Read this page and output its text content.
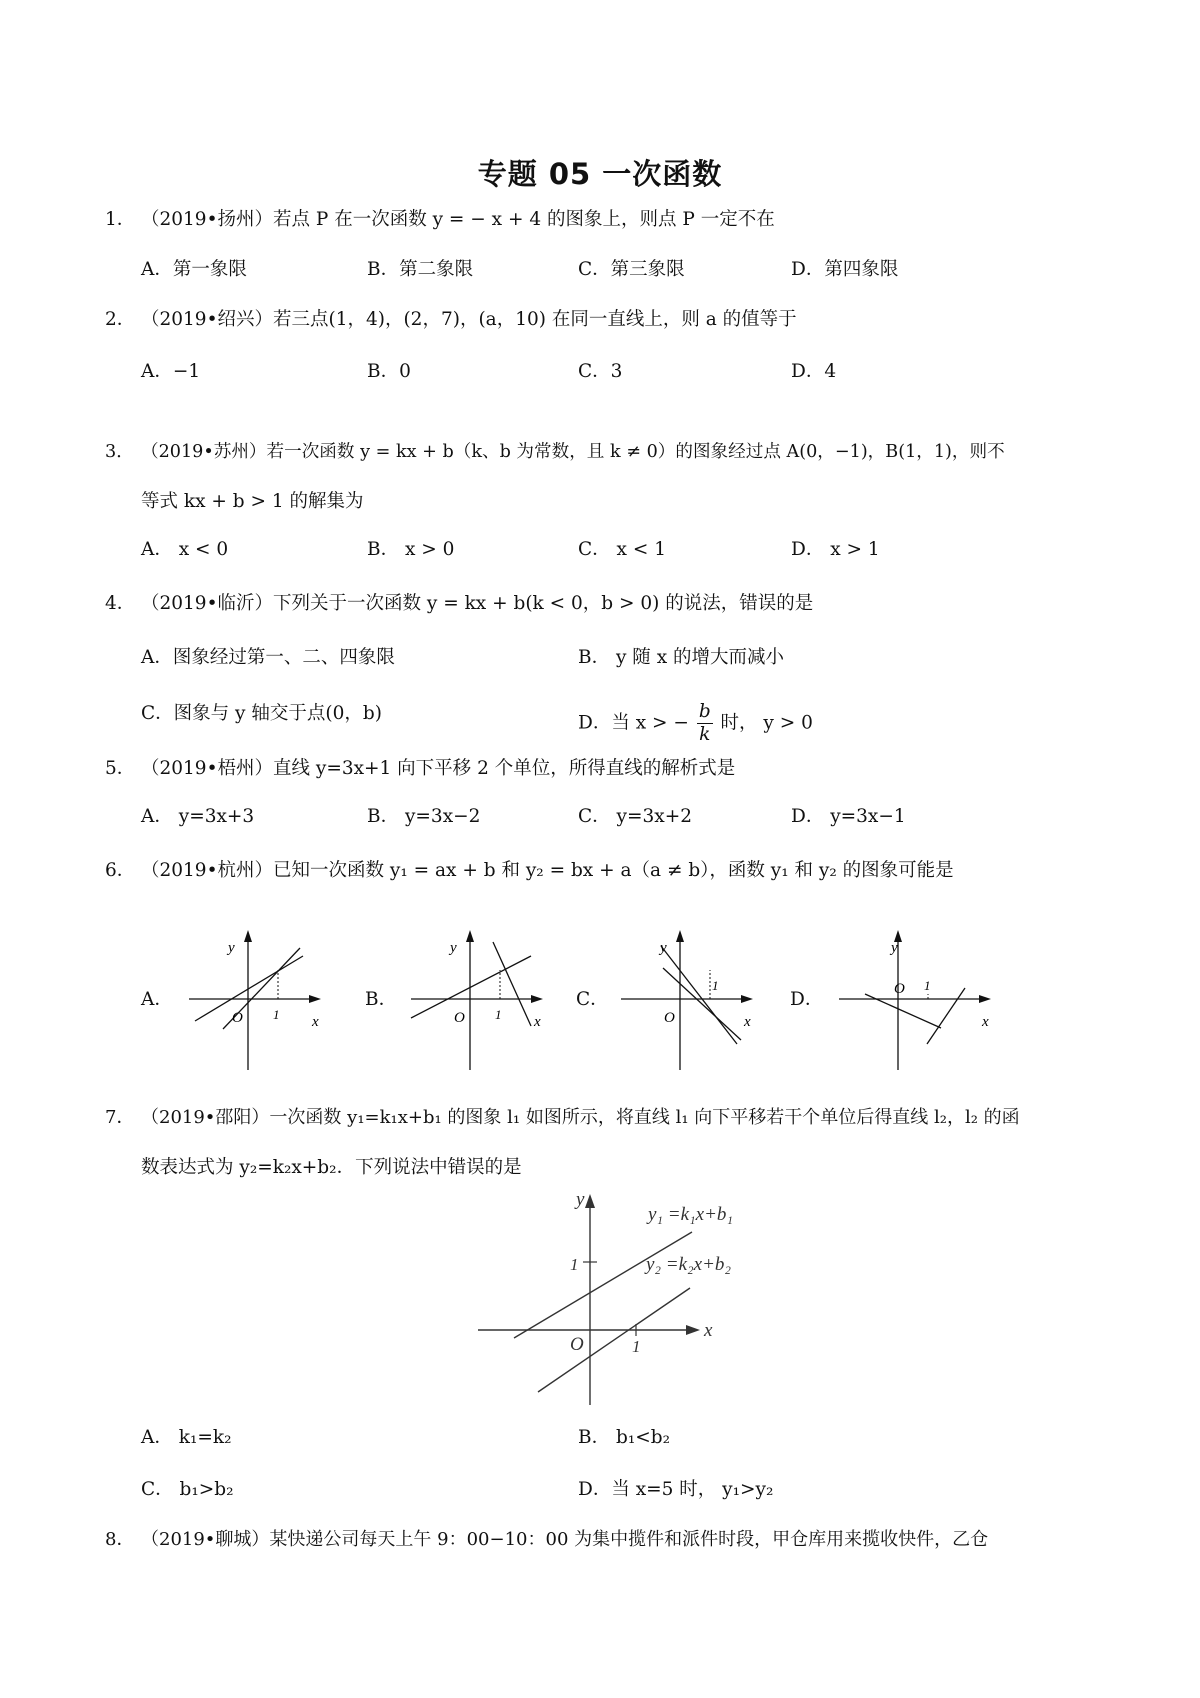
专题 05 一次函数
1． （2019•扬州）若点 P 在一次函数 y = − x + 4 的图象上，则点 P 一定不在
A．第一象限	B．第二象限	C．第三象限	D．第四象限
2． （2019•绍兴）若三点(1，4)，(2，7)，(a，10) 在同一直线上，则 a 的值等于
A．−1	B．0	C．3	D．4
3． （2019•苏州）若一次函数 y = kx + b（k、b 为常数，且 k ≠ 0）的图象经过点 A(0，−1)，B(1，1)，则不
等式 kx + b > 1 的解集为
A． x < 0	B． x > 0	C． x < 1	D． x > 1
4． （2019•临沂）下列关于一次函数 y = kx + b(k < 0，b > 0) 的说法，错误的是
A．图象经过第一、二、四象限	B． y 随 x 的增大而减小
C．图象与 y 轴交于点(0，b)	D．当 x > − $\frac{b}{k}$ 时， y > 0
5． （2019•梧州）直线 y=3x+1 向下平移 2 个单位，所得直线的解析式是
A． y=3x+3	B． y=3x−2	C． y=3x+2	D． y=3x−1
6． （2019•杭州）已知一次函数 y₁ = ax + b 和 y₂ = bx + a（a ≠ b），函数 y₁ 和 y₂ 的图象可能是
A．	B．	C．	D．
y
x
O 1
y
x
O 1
y
x
O
1
y
x
O 1
7． （2019•邵阳）一次函数 y₁=k₁x+b₁ 的图象 l₁ 如图所示，将直线 l₁ 向下平移若干个单位后得直线 l₂，l₂ 的函
数表达式为 y₂=k₂x+b₂．下列说法中错误的是
y
x
O	1
1
y₁ =k₁x+b₁
y₂ =k₂x+b₂
A． k₁=k₂	B． b₁<b₂
C． b₁>b₂	D．当 x=5 时， y₁>y₂
8． （2019•聊城）某快递公司每天上午 9：00−10：00 为集中揽件和派件时段，甲仓库用来揽收快件，乙仓
